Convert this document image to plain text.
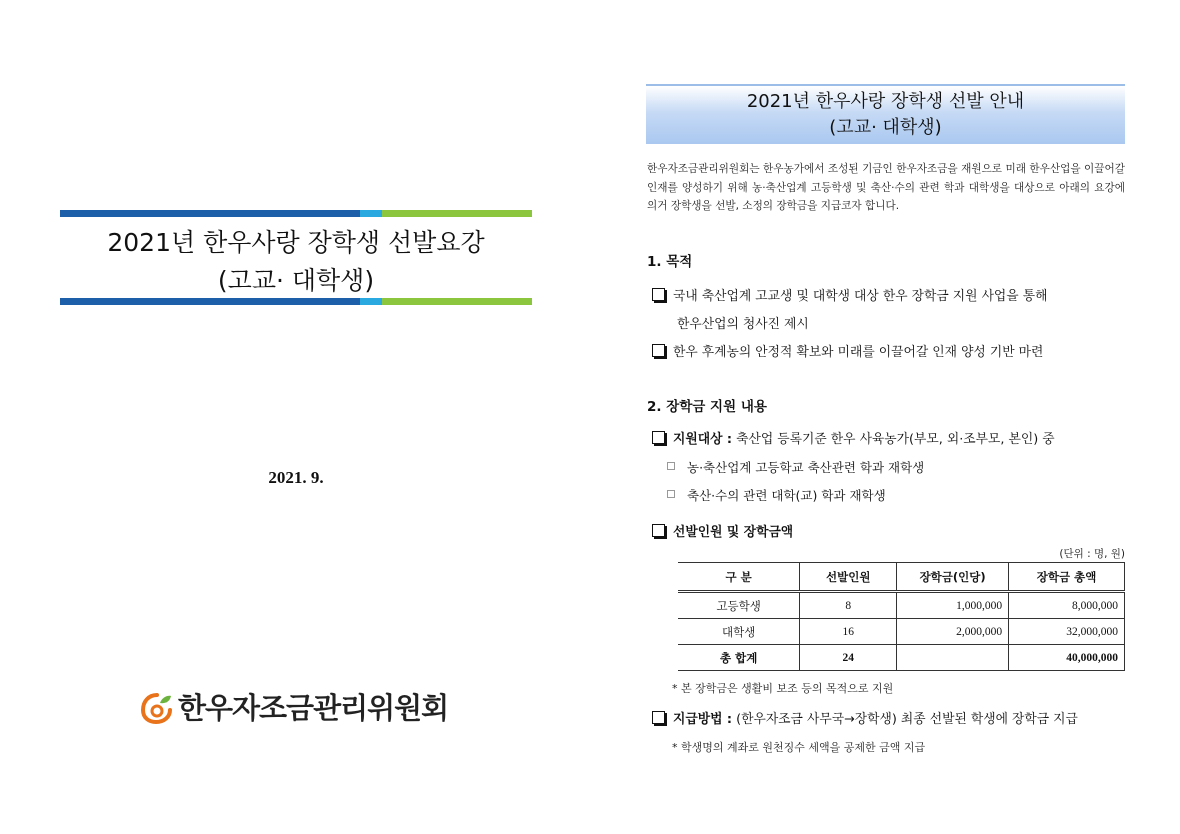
2021년 한우사랑 장학생 선발요강
(고교· 대학생)
2021. 9.
한우자조금관리위원회
2021년 한우사랑 장학생 선발 안내
(고교· 대학생)
한우자조금관리위원회는 한우농가에서 조성된 기금인 한우자조금을 재원으로 미래 한우산업을 이끌어갈 인재를 양성하기 위해 농·축산업계 고등학생 및 축산·수의 관련 학과 대학생을 대상으로 아래의 요강에 의거 장학생을 선발, 소정의 장학금을 지급코자 합니다.
1. 목적
국내 축산업계 고교생 및 대학생 대상 한우 장학금 지원 사업을 통해
한우산업의 청사진 제시
한우 후계농의 안정적 확보와 미래를 이끌어갈 인재 양성 기반 마련
2. 장학금 지원 내용
지원대상 : 축산업 등록기준 한우 사육농가(부모, 외·조부모, 본인) 중
농·축산업계 고등학교 축산관련 학과 재학생
축산·수의 관련 대학(교) 학과 재학생
선발인원 및 장학금액
(단위 : 명, 원)
구 분	선발인원	장학금(인당)	장학금 총액
고등학생	8	1,000,000	8,000,000
대학생	16	2,000,000	32,000,000
총 합계	24		40,000,000
* 본 장학금은 생활비 보조 등의 목적으로 지원
지급방법 : (한우자조금 사무국→장학생) 최종 선발된 학생에 장학금 지급
* 학생명의 계좌로 원천징수 세액을 공제한 금액 지급
